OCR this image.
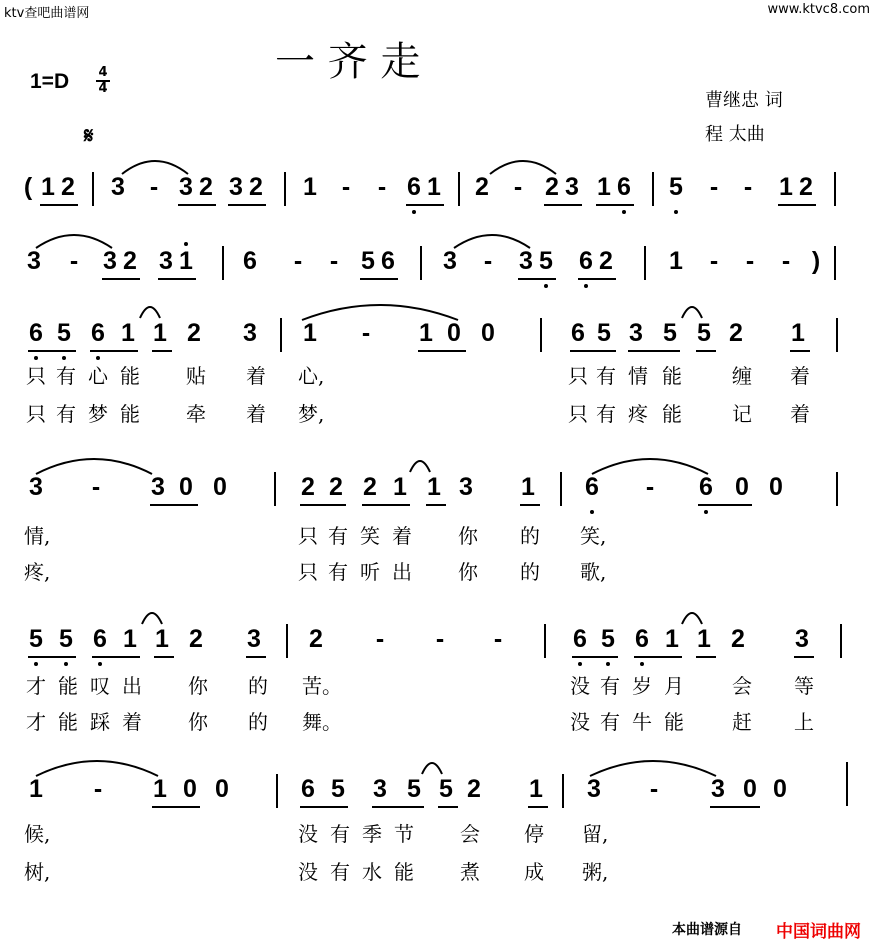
ktv查吧曲谱网	www.ktvc8.com
一 齐 走
$1=D \frac{4}{4}$
曹继忠 词
程 太曲
𝄋
( 1 2 3 - 3 2 3 2 1 - - 6 1 2 - 2 3 1 6 5 - - 1 2
3 - 3 2 3 1 6 - - 5 6 3 - 3 5 6 2 1 - - - )
6 5 6 1 1 2 3 1 - 1 0 0	6 5 3 5 5 2 1
只 有 心 能 贴 着 心,	只 有 情 能	缠 着
只 有 梦 能 牵 着 梦,	只 有 疼 能	记 着
3 - 3 0 0	2 2 2 1 1 3 1 6 - 6 0 0
情,	只 有 笑 着 你 的 笑,
疼,	只 有 听 出 你 的 歌,
5 5 6 1 1 2 3 2 - - -	6 5 6 1 1 2 3
才 能 叹 出 你 的 苦。	没 有 岁 月 会 等
才 能 踩 着 你 的 舞。	没 有 牛 能 赶 上
1 - 1 0 0	6 5 3 5 5 2 1 3 - 3 0 0
候,	没 有 季 节 会 停 留,
树,	没 有 水 能 煮 成 粥,
本曲谱源自 中国词曲网
